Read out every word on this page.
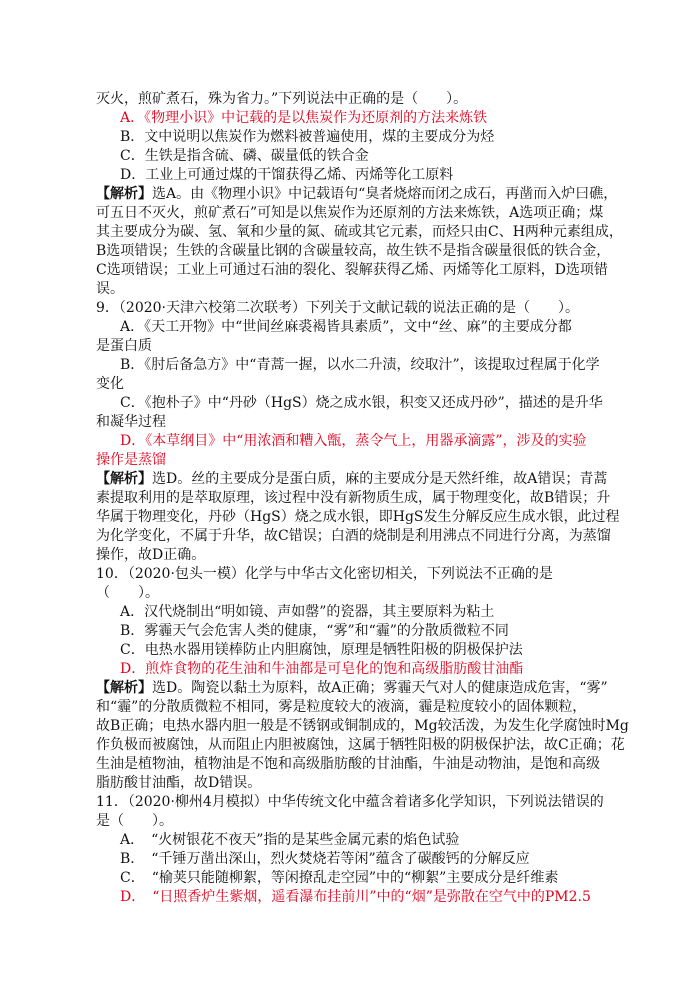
灭火，煎矿煮石，殊为省力。”下列说法中正确的是（　　）。
A．《物理小识》中记载的是以焦炭作为还原剂的方法来炼铁
B．文中说明以焦炭作为燃料被普遍使用，煤的主要成分为烃
C．生铁是指含硫、磷、碳量低的铁合金
D．工业上可通过煤的干馏获得乙烯、丙烯等化工原料
【解析】选A。由《物理小识》中记载语句“臭者烧熔而闭之成石，再凿而入炉曰礁，
可五日不灭火，煎矿煮石”可知是以焦炭作为还原剂的方法来炼铁，A选项正确；煤
其主要成分为碳、氢、氧和少量的氮、硫或其它元素，而烃只由C、H两种元素组成，
B选项错误；生铁的含碳量比钢的含碳量较高，故生铁不是指含碳量很低的铁合金，
C选项错误；工业上可通过石油的裂化、裂解获得乙烯、丙烯等化工原料，D选项错
误。
9．（2020·天津六校第二次联考）下列关于文献记载的说法正确的是（　　）。
A．《天工开物》中“世间丝麻裘褐皆具素质”，文中“丝、麻”的主要成分都
是蛋白质
B．《肘后备急方》中“青蒿一握，以水二升渍，绞取汁”，该提取过程属于化学
变化
C．《抱朴子》中“丹砂（HgS）烧之成水银，积变又还成丹砂”，描述的是升华
和凝华过程
D．《本草纲目》中“用浓酒和糟入甑，蒸令气上，用器承滴露”，涉及的实验
操作是蒸馏
【解析】选D。丝的主要成分是蛋白质，麻的主要成分是天然纤维，故A错误；青蒿
素提取利用的是萃取原理，该过程中没有新物质生成，属于物理变化，故B错误；升
华属于物理变化，丹砂（HgS）烧之成水银，即HgS发生分解反应生成水银，此过程
为化学变化，不属于升华，故C错误；白酒的烧制是利用沸点不同进行分离，为蒸馏
操作，故D正确。
10．（2020·包头一模）化学与中华古文化密切相关，下列说法不正确的是
（　　）。
A．汉代烧制出“明如镜、声如罄”的瓷器，其主要原料为粘土
B．雾霾天气会危害人类的健康，“雾”和“霾”的分散质微粒不同
C．电热水器用镁棒防止内胆腐蚀，原理是牺牲阳极的阴极保护法
D．煎炸食物的花生油和牛油都是可皂化的饱和高级脂肪酸甘油酯
【解析】选D。陶瓷以黏土为原料，故A正确；雾霾天气对人的健康造成危害，“雾”
和“霾”的分散质微粒不相同，雾是粒度较大的液滴，霾是粒度较小的固体颗粒，
故B正确；电热水器内胆一般是不锈钢或铜制成的，Mg较活泼，为发生化学腐蚀时Mg
作负极而被腐蚀，从而阻止内胆被腐蚀，这属于牺牲阳极的阴极保护法，故C正确；花
生油是植物油，植物油是不饱和高级脂肪酸的甘油酯，牛油是动物油，是饱和高级
脂肪酸甘油酯，故D错误。
11．（2020·柳州4月模拟）中华传统文化中蕴含着诸多化学知识，下列说法错误的
是（　　）。
A．　“火树银花不夜天”指的是某些金属元素的焰色试验
B．　“千锤万凿出深山，烈火焚烧若等闲”蕴含了碳酸钙的分解反应
C．　“榆荚只能随柳絮，等闲撩乱走空园”中的“柳絮”主要成分是纤维素
D．　“日照香炉生紫烟，遥看瀑布挂前川”中的“烟”是弥散在空气中的PM2.5
